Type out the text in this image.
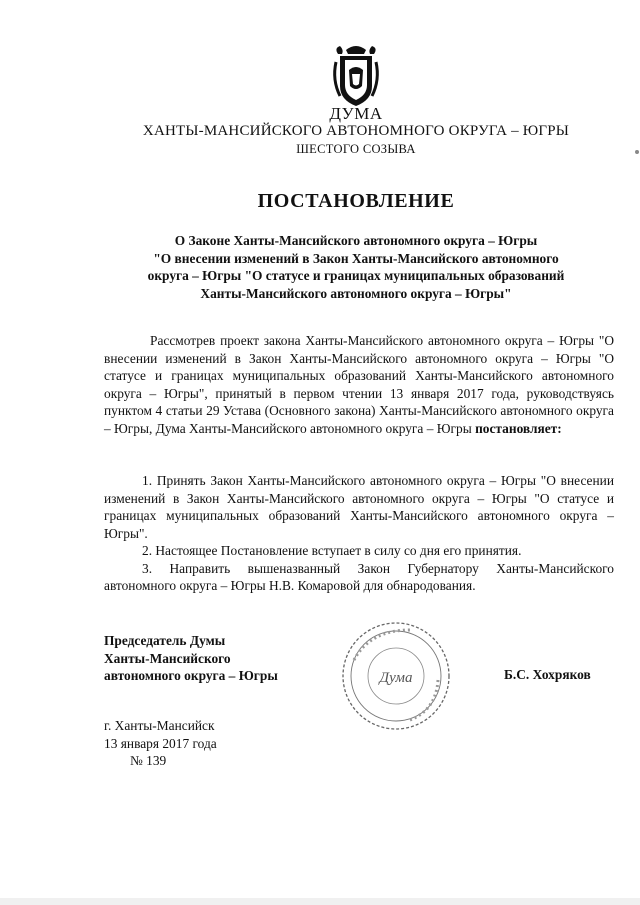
ДУМА
ХАНТЫ-МАНСИЙСКОГО АВТОНОМНОГО ОКРУГА – ЮГРЫ
ШЕСТОГО СОЗЫВА
ПОСТАНОВЛЕНИЕ
О Законе Ханты-Мансийского автономного округа – Югры
"О внесении изменений в Закон Ханты-Мансийского автономного
округа – Югры "О статусе и границах муниципальных образований
Ханты-Мансийского автономного округа – Югры"

Рассмотрев проект закона Ханты-Мансийского автономного округа – Югры "О внесении изменений в Закон Ханты-Мансийского автономного округа – Югры "О статусе и границах муниципальных образований Ханты-Мансийского автономного округа – Югры", принятый в первом чтении 13 января 2017 года, руководствуясь пунктом 4 статьи 29 Устава (Основного закона) Ханты-Мансийского автономного округа – Югры, Дума Ханты-Мансийского автономного округа – Югры постановляет:

1. Принять Закон Ханты-Мансийского автономного округа – Югры "О внесении изменений в Закон Ханты-Мансийского автономного округа – Югры "О статусе и границах муниципальных образований Ханты-Мансийского автономного округа – Югры".

2. Настоящее Постановление вступает в силу со дня его принятия.

3. Направить вышеназванный Закон Губернатору Ханты-Мансийского автономного округа – Югры Н.В. Комаровой для обнародования.

Председатель Думы
Ханты-Мансийского
автономного округа – Югры	Дума	Б.С. Хохряков
г. Ханты-Мансийск
13 января 2017 года
№ 139
